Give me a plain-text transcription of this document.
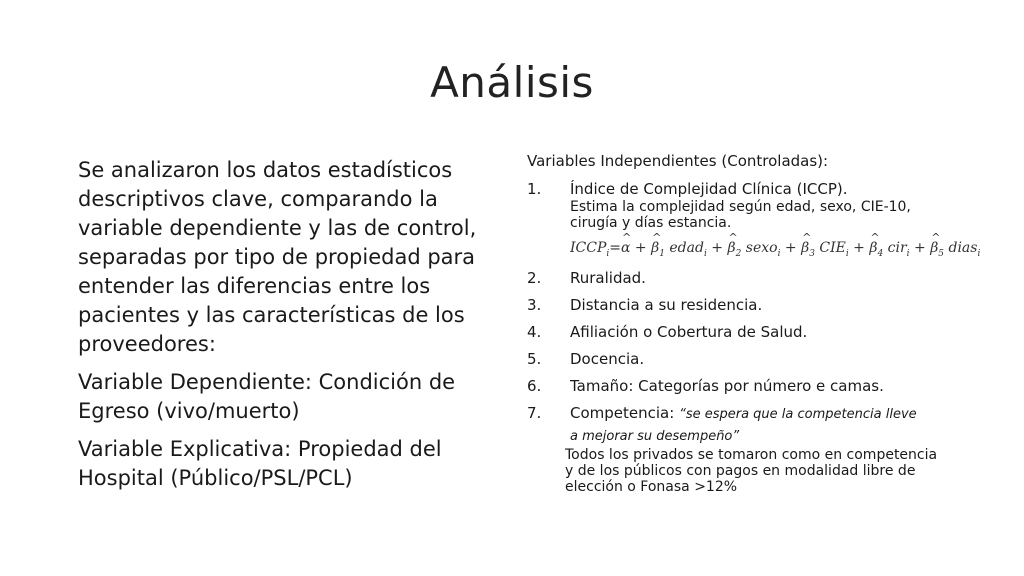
Análisis

Se analizaron los datos estadísticos descriptivos clave, comparando la variable dependiente y las de control, separadas por tipo de propiedad para entender las diferencias entre los pacientes y las características de los proveedores:

Variable Dependiente: Condición de Egreso (vivo/muerto)

Variable Explicativa: Propiedad del Hospital (Público/PSL/PCL)

Variables Independientes (Controladas):
1. Índice de Complejidad Clínica (ICCP).
Estima la complejidad según edad, sexo, CIE-10, cirugía y días estancia.
$ICCP_i=\^{}$ α + ^ $\beta_1$ edad$_i$ + ^ $\beta_2$ sexo$_i$ + ^ $\beta_3$ $CIE_i$ + ^ $\beta_4$ cir$_i$ + ^ $\beta_5$ dias$_i$
2. Ruralidad.
3. Distancia a su residencia.
4. Afiliación o Cobertura de Salud.
5. Docencia.
6. Tamaño: Categorías por número e camas.
7. Competencia: “se espera que la competencia lleve
a mejorar su desempeño”
Todos los privados se tomaron como en competencia y de los públicos con pagos en modalidad libre de elección o Fonasa >12%
